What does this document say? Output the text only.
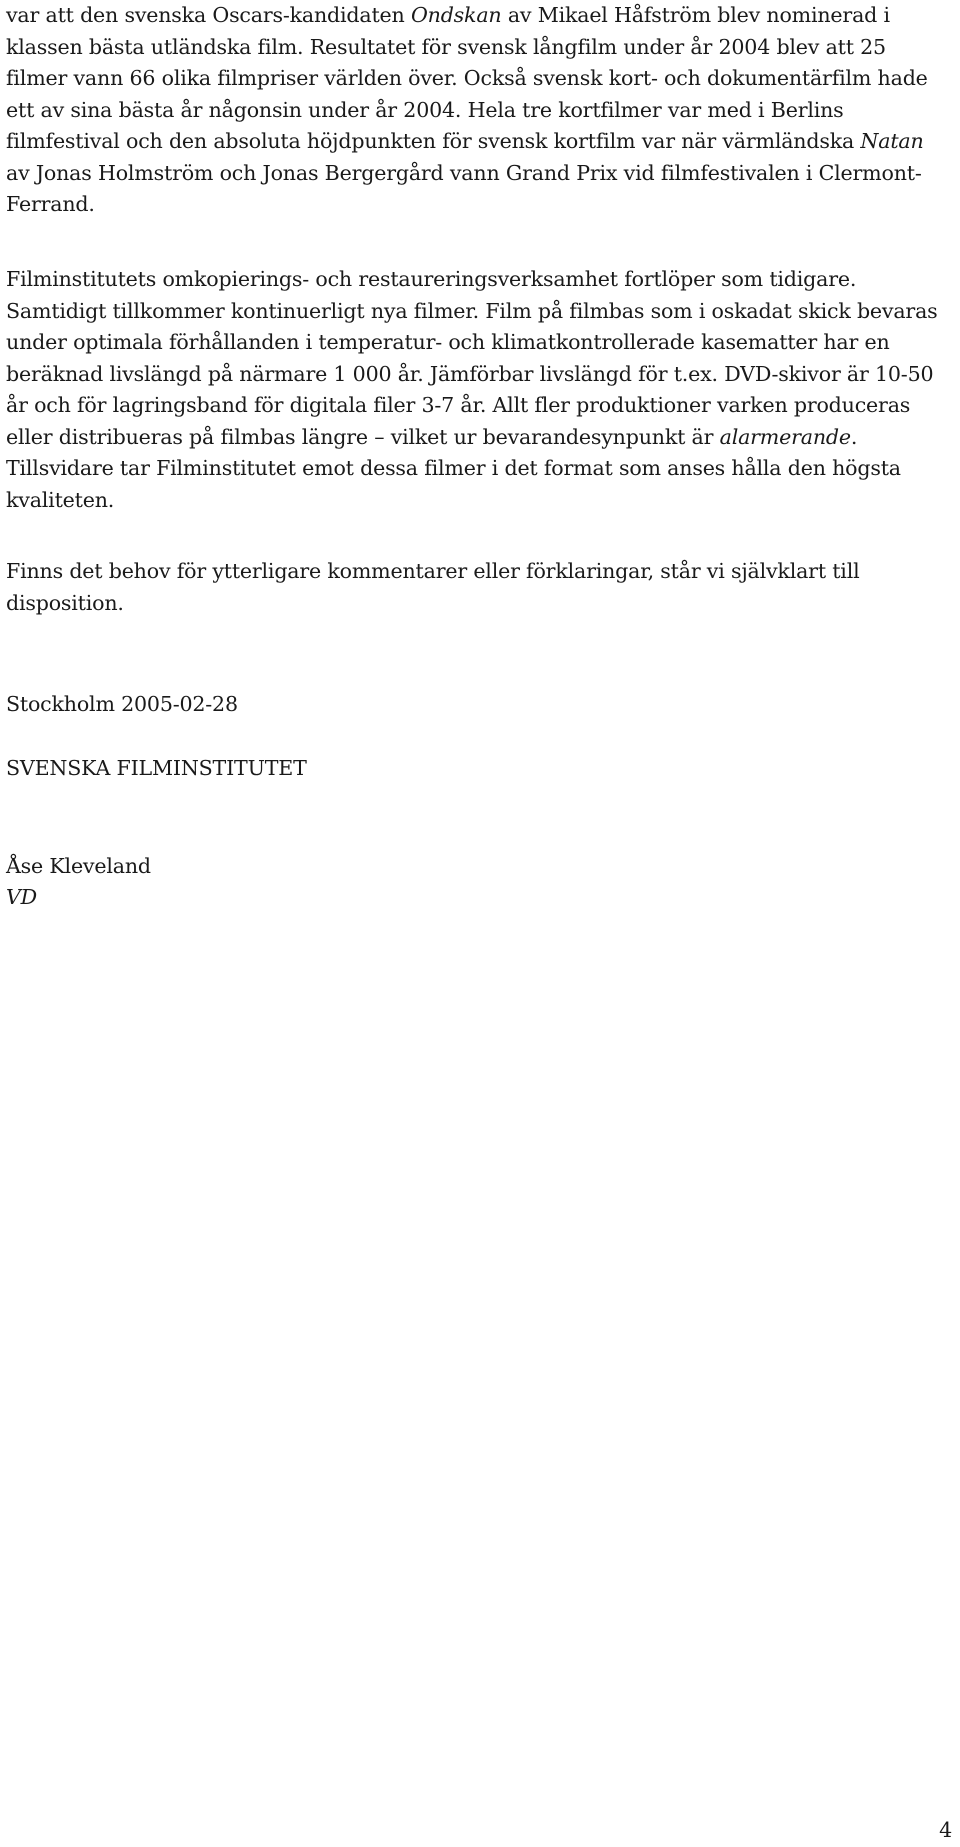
var att den svenska Oscars-kandidaten Ondskan av Mikael Håfström blev nominerad i klassen bästa utländska film. Resultatet för svensk långfilm under år 2004 blev att 25 filmer vann 66 olika filmpriser världen över. Också svensk kort- och dokumentärfilm hade ett av sina bästa år någonsin under år 2004. Hela tre kortfilmer var med i Berlins filmfestival och den absoluta höjdpunkten för svensk kortfilm var när värmländska Natan av Jonas Holmström och Jonas Bergergård vann Grand Prix vid filmfestivalen i Clermont-Ferrand.

Filminstitutets omkopierings- och restaureringsverksamhet fortlöper som tidigare. Samtidigt tillkommer kontinuerligt nya filmer. Film på filmbas som i oskadat skick bevaras under optimala förhållanden i temperatur- och klimatkontrollerade kasematter har en beräknad livslängd på närmare 1 000 år. Jämförbar livslängd för t.ex. DVD-skivor är 10-50 år och för lagringsband för digitala filer 3-7 år. Allt fler produktioner varken produceras eller distribueras på filmbas längre – vilket ur bevarandesynpunkt är alarmerande. Tillsvidare tar Filminstitutet emot dessa filmer i det format som anses hålla den högsta kvaliteten.

Finns det behov för ytterligare kommentarer eller förklaringar, står vi självklart till disposition.

Stockholm 2005-02-28

SVENSKA FILMINSTITUTET

Åse Kleveland

VD

4
